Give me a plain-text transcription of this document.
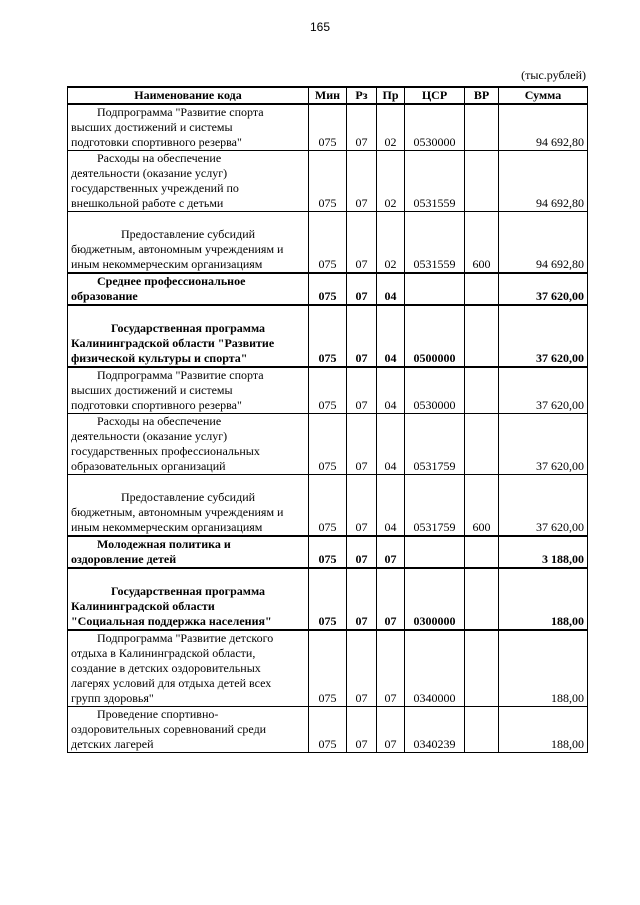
165
(тыс.рублей)
Наименование кода	Мин	Рз	Пр	ЦСР	ВР	Сумма

Подпрограмма "Развитие спорта
высших достижений и системы
подготовки спортивного резерва"	075	07	02	0530000		94 692,80

Расходы на обеспечение
деятельности (оказание услуг)
государственных учреждений по
внешкольной работе с детьми	075	07	02	0531559		94 692,80

Предоставление субсидий
бюджетным, автономным учреждениям и
иным некоммерческим организациям	075	07	02	0531559	600	94 692,80

Среднее профессиональное
образование	075	07	04			37 620,00

Государственная программа
Калининградской области "Развитие
физической культуры и спорта"	075	07	04	0500000		37 620,00

Подпрограмма "Развитие спорта
высших достижений и системы
подготовки спортивного резерва"	075	07	04	0530000		37 620,00

Расходы на обеспечение
деятельности (оказание услуг)
государственных профессиональных
образовательных организаций	075	07	04	0531759		37 620,00

Предоставление субсидий
бюджетным, автономным учреждениям и
иным некоммерческим организациям	075	07	04	0531759	600	37 620,00

Молодежная политика и
оздоровление детей	075	07	07			3 188,00

Государственная программа
Калининградской области
"Социальная поддержка населения"	075	07	07	0300000		188,00

Подпрограмма "Развитие детского
отдыха в Калининградской области,
создание в детских оздоровительных
лагерях условий для отдыха детей всех
групп здоровья"	075	07	07	0340000		188,00

Проведение спортивно-
оздоровительных соревнований среди
детских лагерей	075	07	07	0340239		188,00
